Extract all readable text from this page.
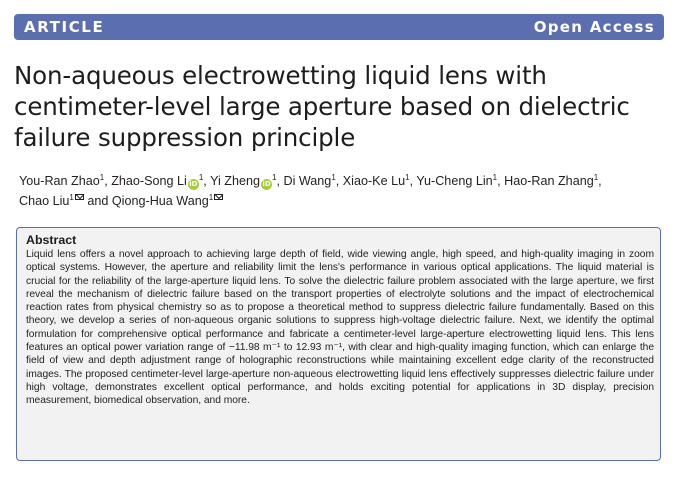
ARTICLE	Open Access
Non-aqueous electrowetting liquid lens with centimeter-level large aperture based on dielectric failure suppression principle
You-Ran Zhao$^1$, Zhao-Song Li $iD^1$, Yi Zheng $iD^1$, Di Wang$^1$, Xiao-Ke Lu$^1$, Yu-Cheng Lin$^1$, Hao-Ran Zhang$^1$,
Chao Liu$^1$ and Qiong-Hua Wang$^1$
Abstract

Liquid lens offers a novel approach to achieving large depth of field, wide viewing angle, high speed, and high-quality imaging in zoom optical systems. However, the aperture and reliability limit the lens's performance in various optical applications. The liquid material is crucial for the reliability of the large-aperture liquid lens. To solve the dielectric failure problem associated with the large aperture, we first reveal the mechanism of dielectric failure based on the transport properties of electrolyte solutions and the impact of electrochemical reaction rates from physical chemistry so as to propose a theoretical method to suppress dielectric failure fundamentally. Based on this theory, we develop a series of non-aqueous organic solutions to suppress high-voltage dielectric failure. Next, we identify the optimal formulation for comprehensive optical performance and fabricate a centimeter-level large-aperture electrowetting liquid lens. This lens features an optical power variation range of −11.98 m⁻¹ to 12.93 m⁻¹, with clear and high-quality imaging function, which can enlarge the field of view and depth adjustment range of holographic reconstructions while maintaining excellent edge clarity of the reconstructed images. The proposed centimeter-level large-aperture non-aqueous electrowetting liquid lens effectively suppresses dielectric failure under high voltage, demonstrates excellent optical performance, and holds exciting potential for applications in 3D display, precision measurement, biomedical observation, and more.
